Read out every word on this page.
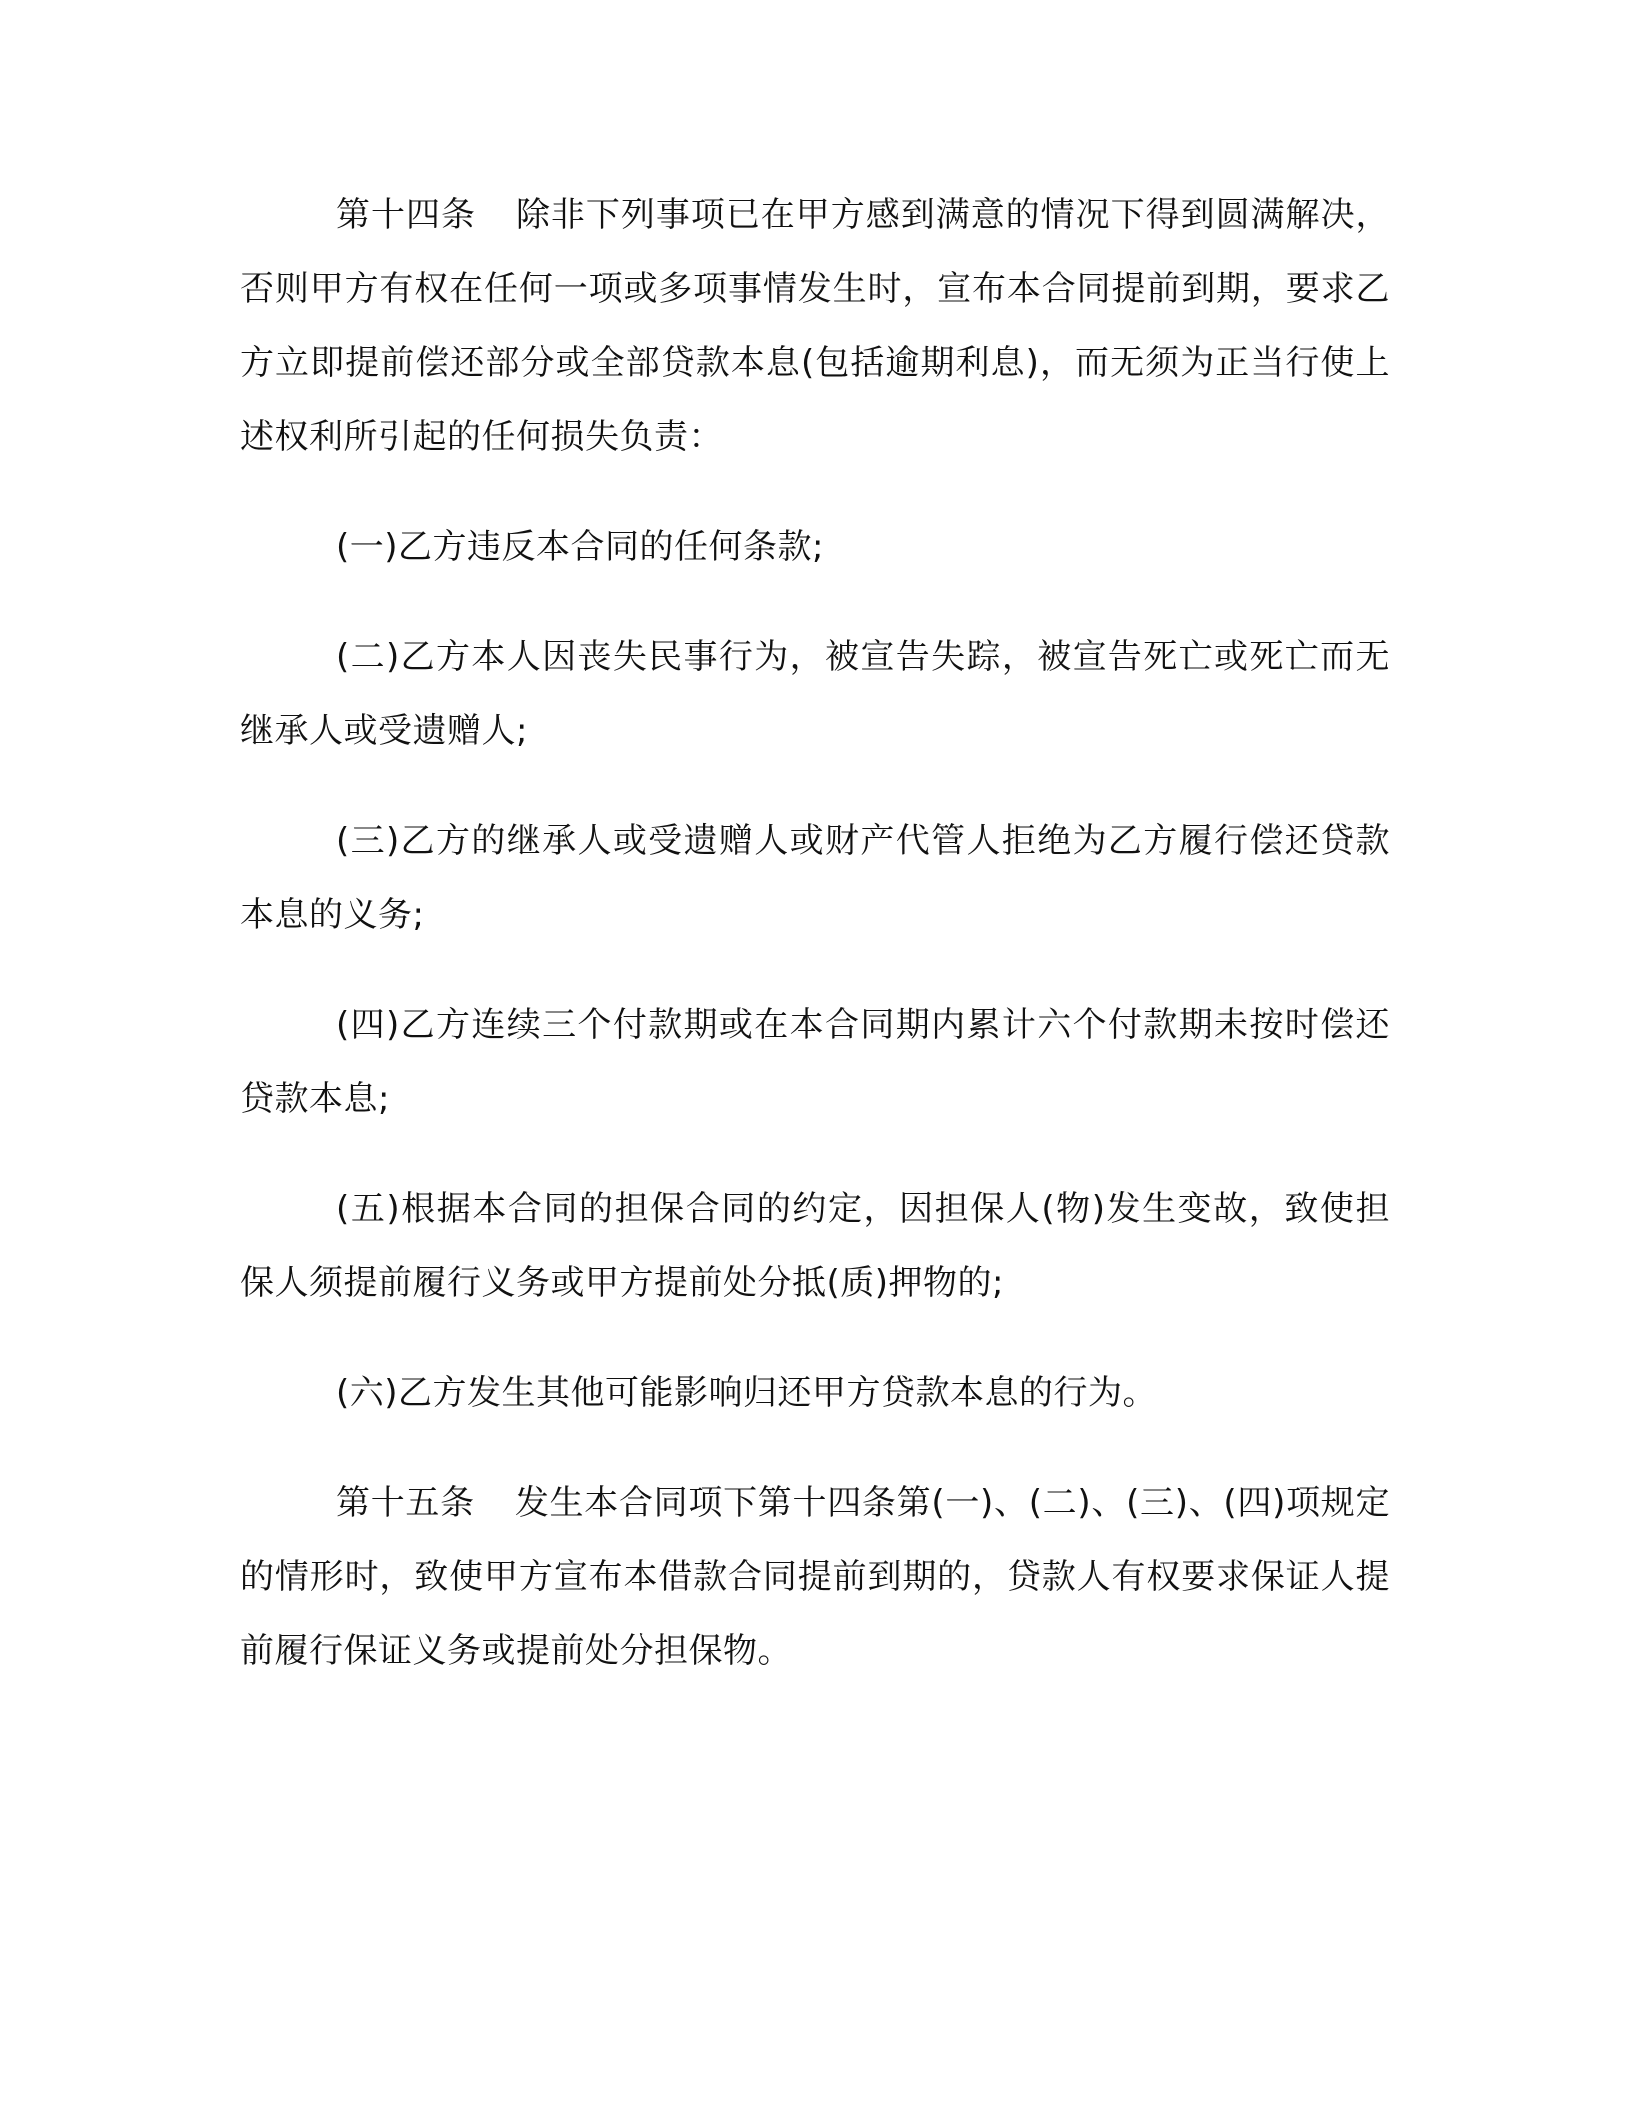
第十四条 除非下列事项已在甲方感到满意的情况下得到圆满解决，否则甲方有权在任何一项或多项事情发生时，宣布本合同提前到期，要求乙方立即提前偿还部分或全部贷款本息(包括逾期利息)，而无须为正当行使上述权利所引起的任何损失负责：

(一)乙方违反本合同的任何条款;

(二)乙方本人因丧失民事行为，被宣告失踪，被宣告死亡或死亡而无继承人或受遗赠人;

(三)乙方的继承人或受遗赠人或财产代管人拒绝为乙方履行偿还贷款本息的义务;

(四)乙方连续三个付款期或在本合同期内累计六个付款期未按时偿还贷款本息;

(五)根据本合同的担保合同的约定，因担保人(物)发生变故，致使担保人须提前履行义务或甲方提前处分抵(质)押物的;

(六)乙方发生其他可能影响归还甲方贷款本息的行为。

第十五条 发生本合同项下第十四条第(一)、(二)、(三)、(四)项规定的情形时，致使甲方宣布本借款合同提前到期的，贷款人有权要求保证人提前履行保证义务或提前处分担保物。
